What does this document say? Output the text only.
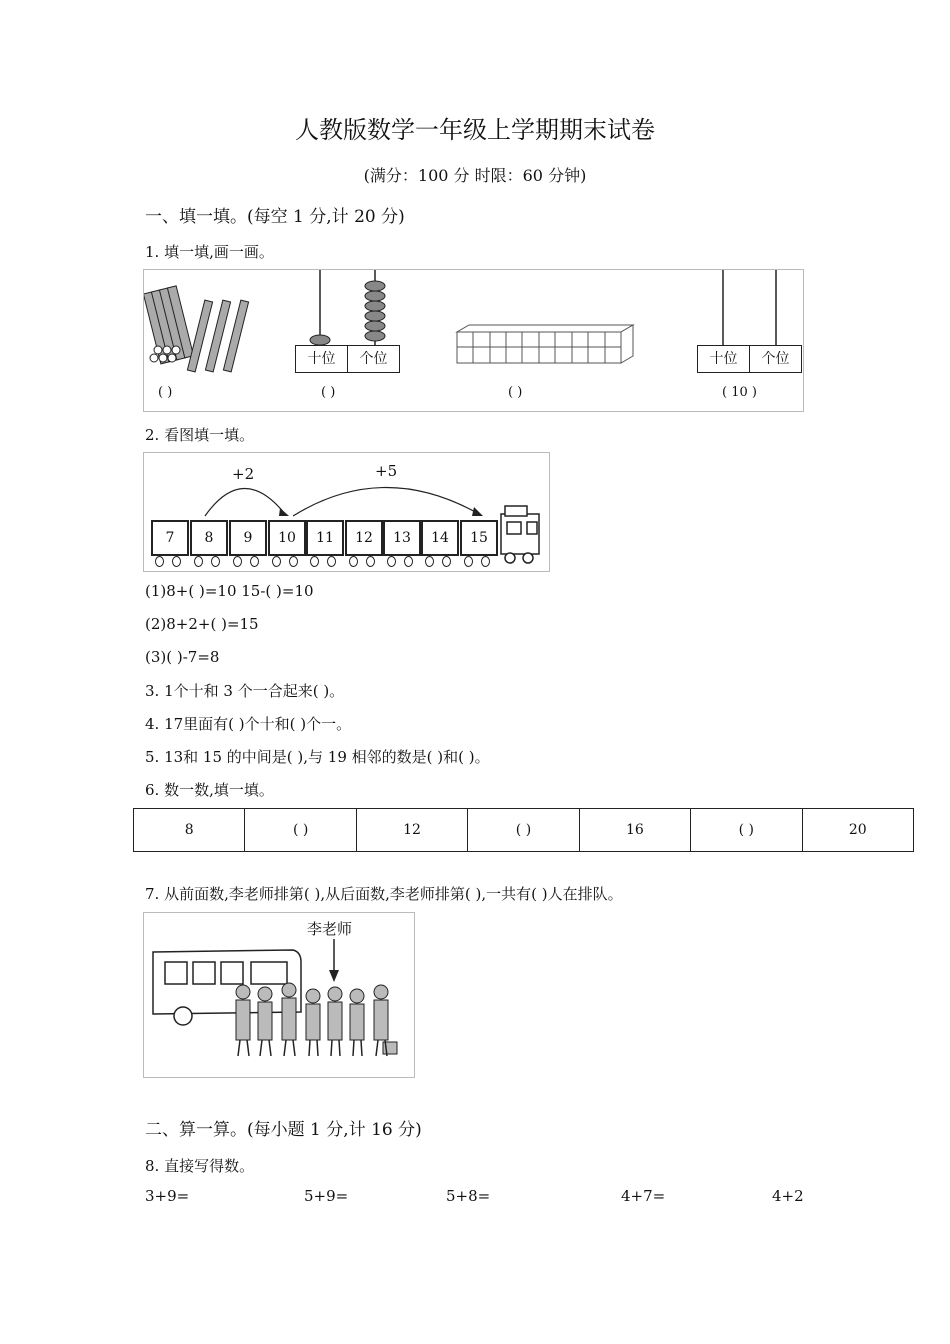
人教版数学一年级上学期期末试卷
(满分：100 分 时限：60 分钟)
一、填一填。(每空 1 分,计 20 分)
1. 填一填,画一画。
十位	个位	十位	个位
( )	( )	( )	( 10 )
2. 看图填一填。
+2	+5
7	8	9	10	11	12	13	14	15
(1)8+( )=10 15-( )=10
(2)8+2+( )=15
(3)( )-7=8
3. 1个十和 3 个一合起来( )。
4. 17里面有( )个十和( )个一。
5. 13和 15 的中间是( ),与 19 相邻的数是( )和( )。
6. 数一数,填一填。
8	( )	12	( )	16	( )	20
7. 从前面数,李老师排第( ),从后面数,李老师排第( ),一共有( )人在排队。
李老师
二、算一算。(每小题 1 分,计 16 分)
8. 直接写得数。
3+9=	5+9=	5+8=	4+7=	4+2
